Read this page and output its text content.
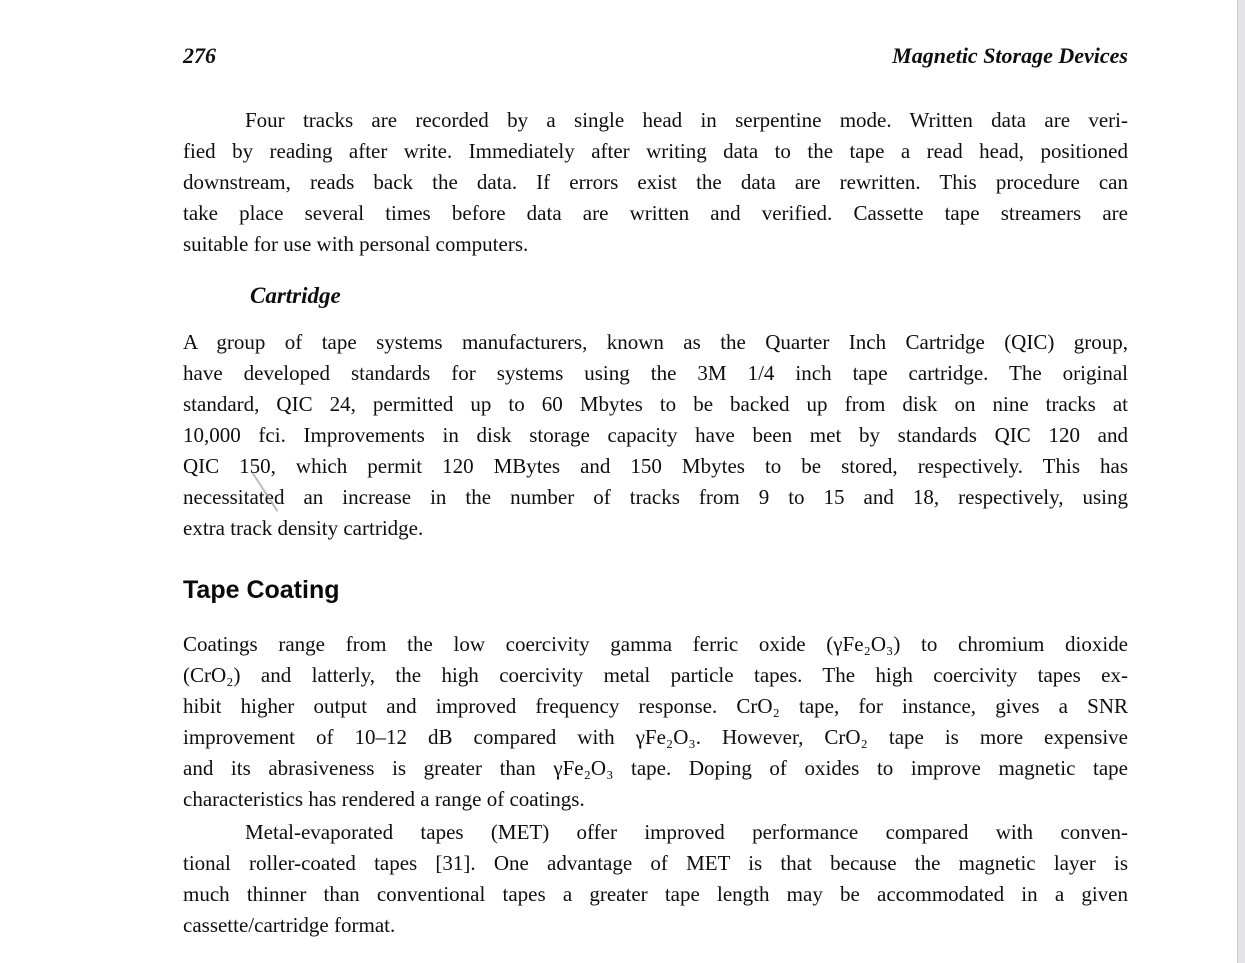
276	Magnetic Storage Devices
Four tracks are recorded by a single head in serpentine mode. Written data are veri-
fied by reading after write. Immediately after writing data to the tape a read head, positioned
downstream, reads back the data. If errors exist the data are rewritten. This procedure can
take place several times before data are written and verified. Cassette tape streamers are
suitable for use with personal computers.
Cartridge
A group of tape systems manufacturers, known as the Quarter Inch Cartridge (QIC) group,
have developed standards for systems using the 3M 1/4 inch tape cartridge. The original
standard, QIC 24, permitted up to 60 Mbytes to be backed up from disk on nine tracks at
10,000 fci. Improvements in disk storage capacity have been met by standards QIC 120 and
QIC 150, which permit 120 MBytes and 150 Mbytes to be stored, respectively. This has
necessitated an increase in the number of tracks from 9 to 15 and 18, respectively, using
extra track density cartridge.
Tape Coating
Coatings range from the low coercivity gamma ferric oxide (γFe₂O₃) to chromium dioxide
(CrO₂) and latterly, the high coercivity metal particle tapes. The high coercivity tapes ex-
hibit higher output and improved frequency response. CrO₂ tape, for instance, gives a SNR
improvement of 10–12 dB compared with γFe₂O₃. However, CrO₂ tape is more expensive
and its abrasiveness is greater than γFe₂O₃ tape. Doping of oxides to improve magnetic tape
characteristics has rendered a range of coatings.
Metal-evaporated tapes (MET) offer improved performance compared with conven-
tional roller-coated tapes [31]. One advantage of MET is that because the magnetic layer is
much thinner than conventional tapes a greater tape length may be accommodated in a given
cassette/cartridge format.
